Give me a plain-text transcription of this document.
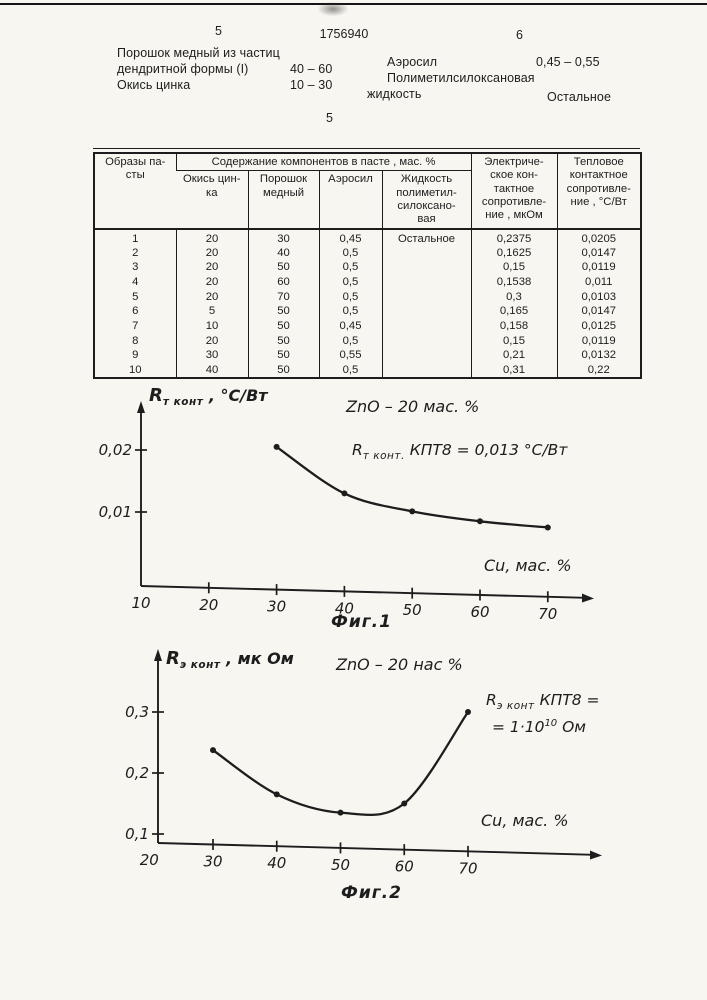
5	1756940	6
Порошок медный из частиц
дендритной формы (I)	40 – 60
Окись цинка	10 – 30
Аэросил	0,45 – 0,55
Полиметилсилоксановая
жидкость	Остальное
5
Образы па-
сты	Содержание компонентов в пасте , мас. %				Электриче-
ское кон-
тактное
сопротивле-
ние , мкОм	Тепловое
контактное
сопротивле-
ние , °С/Вт
	Окись цин-
ка	Порошок
медный	Аэросил	Жидкость
полиметил-
силоксано-
вая		
1	20	30	0,45	Остальное	0,2375	0,0205
2	20	40	0,5		0,1625	0,0147
3	20	50	0,5		0,15	0,0119
4	20	60	0,5		0,1538	0,011
5	20	70	0,5		0,3	0,0103
6	5	50	0,5		0,165	0,0147
7	10	50	0,45		0,158	0,0125
8	20	50	0,5		0,15	0,0119
9	30	50	0,55		0,21	0,0132
10	40	50	0,5		0,31	0,22
10	20	30	40	50	60	70
0,02
0,01
$R_{т конт}$ , °С/Вт
ZnO – 20 мас. %
$R_{т конт.}$ КПТ8 = 0,013 °С/Вт
Cu, мас. %
Фиг.1
20	30	40	50	60	70
0,3
0,2
0,1
$R_{э конт}$ , мк Ом	ZnO – 20 нас %
$R_{э конт}$ КПТ8 =
= $1\cdot 10^{10}$ Ом
Cu, мас. %
Фиг.2
